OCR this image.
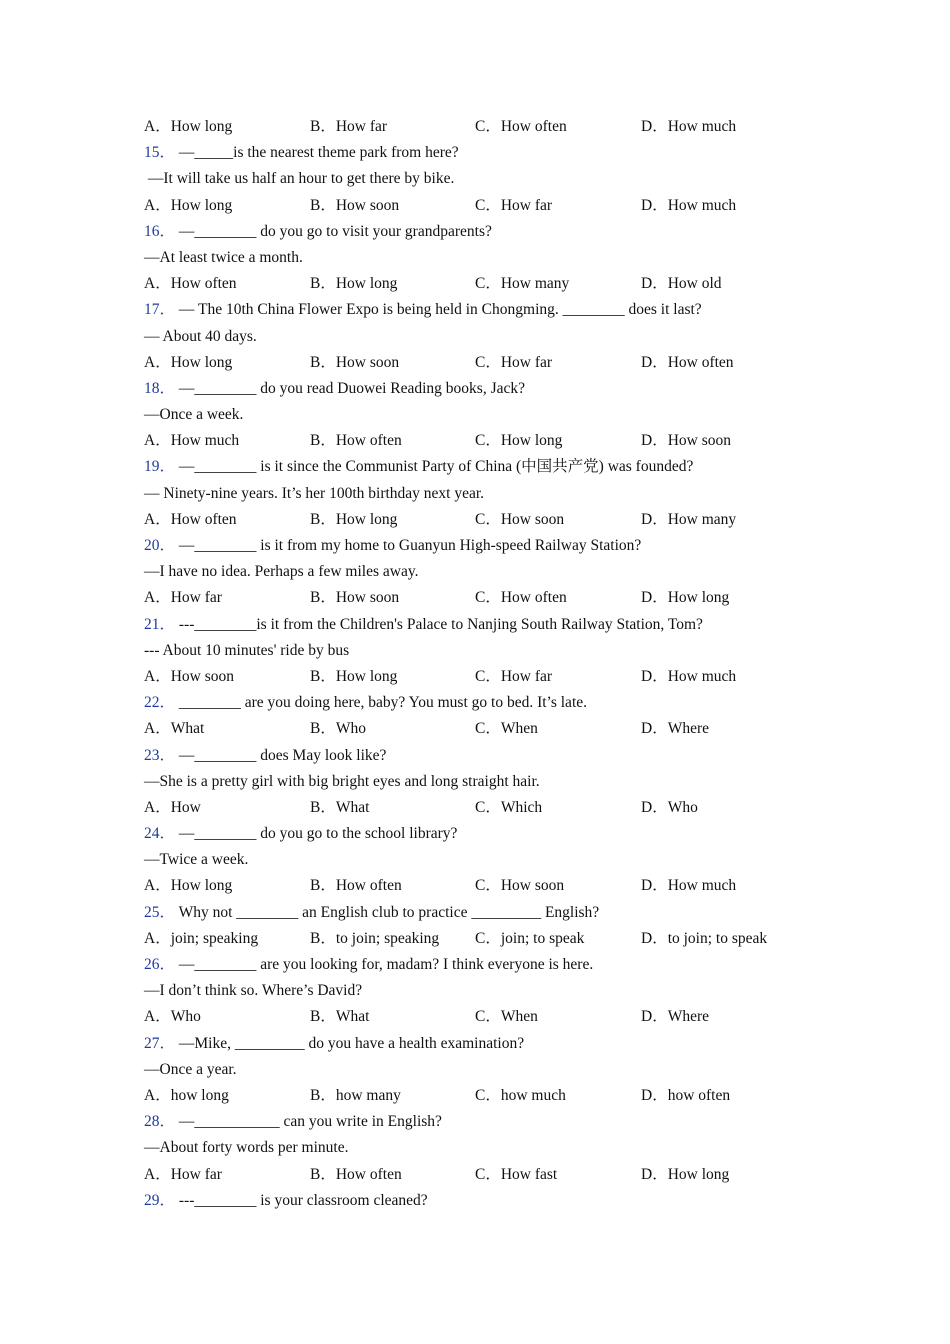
A．How long	B．How far	C．How often	D．How much
15． —_____is the nearest theme park from here?
—It will take us half an hour to get there by bike.
A．How long	B．How soon	C．How far	D．How much
16． —________ do you go to visit your grandparents?
—At least twice a month.
A．How often	B．How long	C．How many	D．How old
17． — The 10th China Flower Expo is being held in Chongming. ________ does it last?
— About 40 days.
A．How long	B．How soon	C．How far	D．How often
18． —________ do you read Duowei Reading books, Jack?
—Once a week.
A．How much	B．How often	C．How long	D．How soon
19． —________ is it since the Communist Party of China (中国共产党) was founded?
— Ninety-nine years. It’s her 100th birthday next year.
A．How often	B．How long	C．How soon	D．How many
20． —________ is it from my home to Guanyun High-speed Railway Station?
—I have no idea. Perhaps a few miles away.
A．How far	B．How soon	C．How often	D．How long
21． ---________is it from the Children's Palace to Nanjing South Railway Station, Tom?
--- About 10 minutes' ride by bus
A．How soon	B．How long	C．How far	D．How much
22． ________ are you doing here, baby? You must go to bed. It’s late.
A．What	B．Who	C．When	D．Where
23． —________ does May look like?
—She is a pretty girl with big bright eyes and long straight hair.
A．How	B．What	C．Which	D．Who
24． —________ do you go to the school library?
—Twice a week.
A．How long	B．How often	C．How soon	D．How much
25． Why not ________ an English club to practice _________ English?
A．join; speaking	B．to join; speaking C．join; to speak	D．to join; to speak
26． —________ are you looking for, madam? I think everyone is here.
—I don’t think so. Where’s David?
A．Who	B．What	C．When	D．Where
27． —Mike, _________ do you have a health examination?
—Once a year.
A．how long	B．how many	C．how much	D．how often
28． —___________ can you write in English?
—About forty words per minute.
A．How far	B．How often	C．How fast	D．How long
29． ---________ is your classroom cleaned?
